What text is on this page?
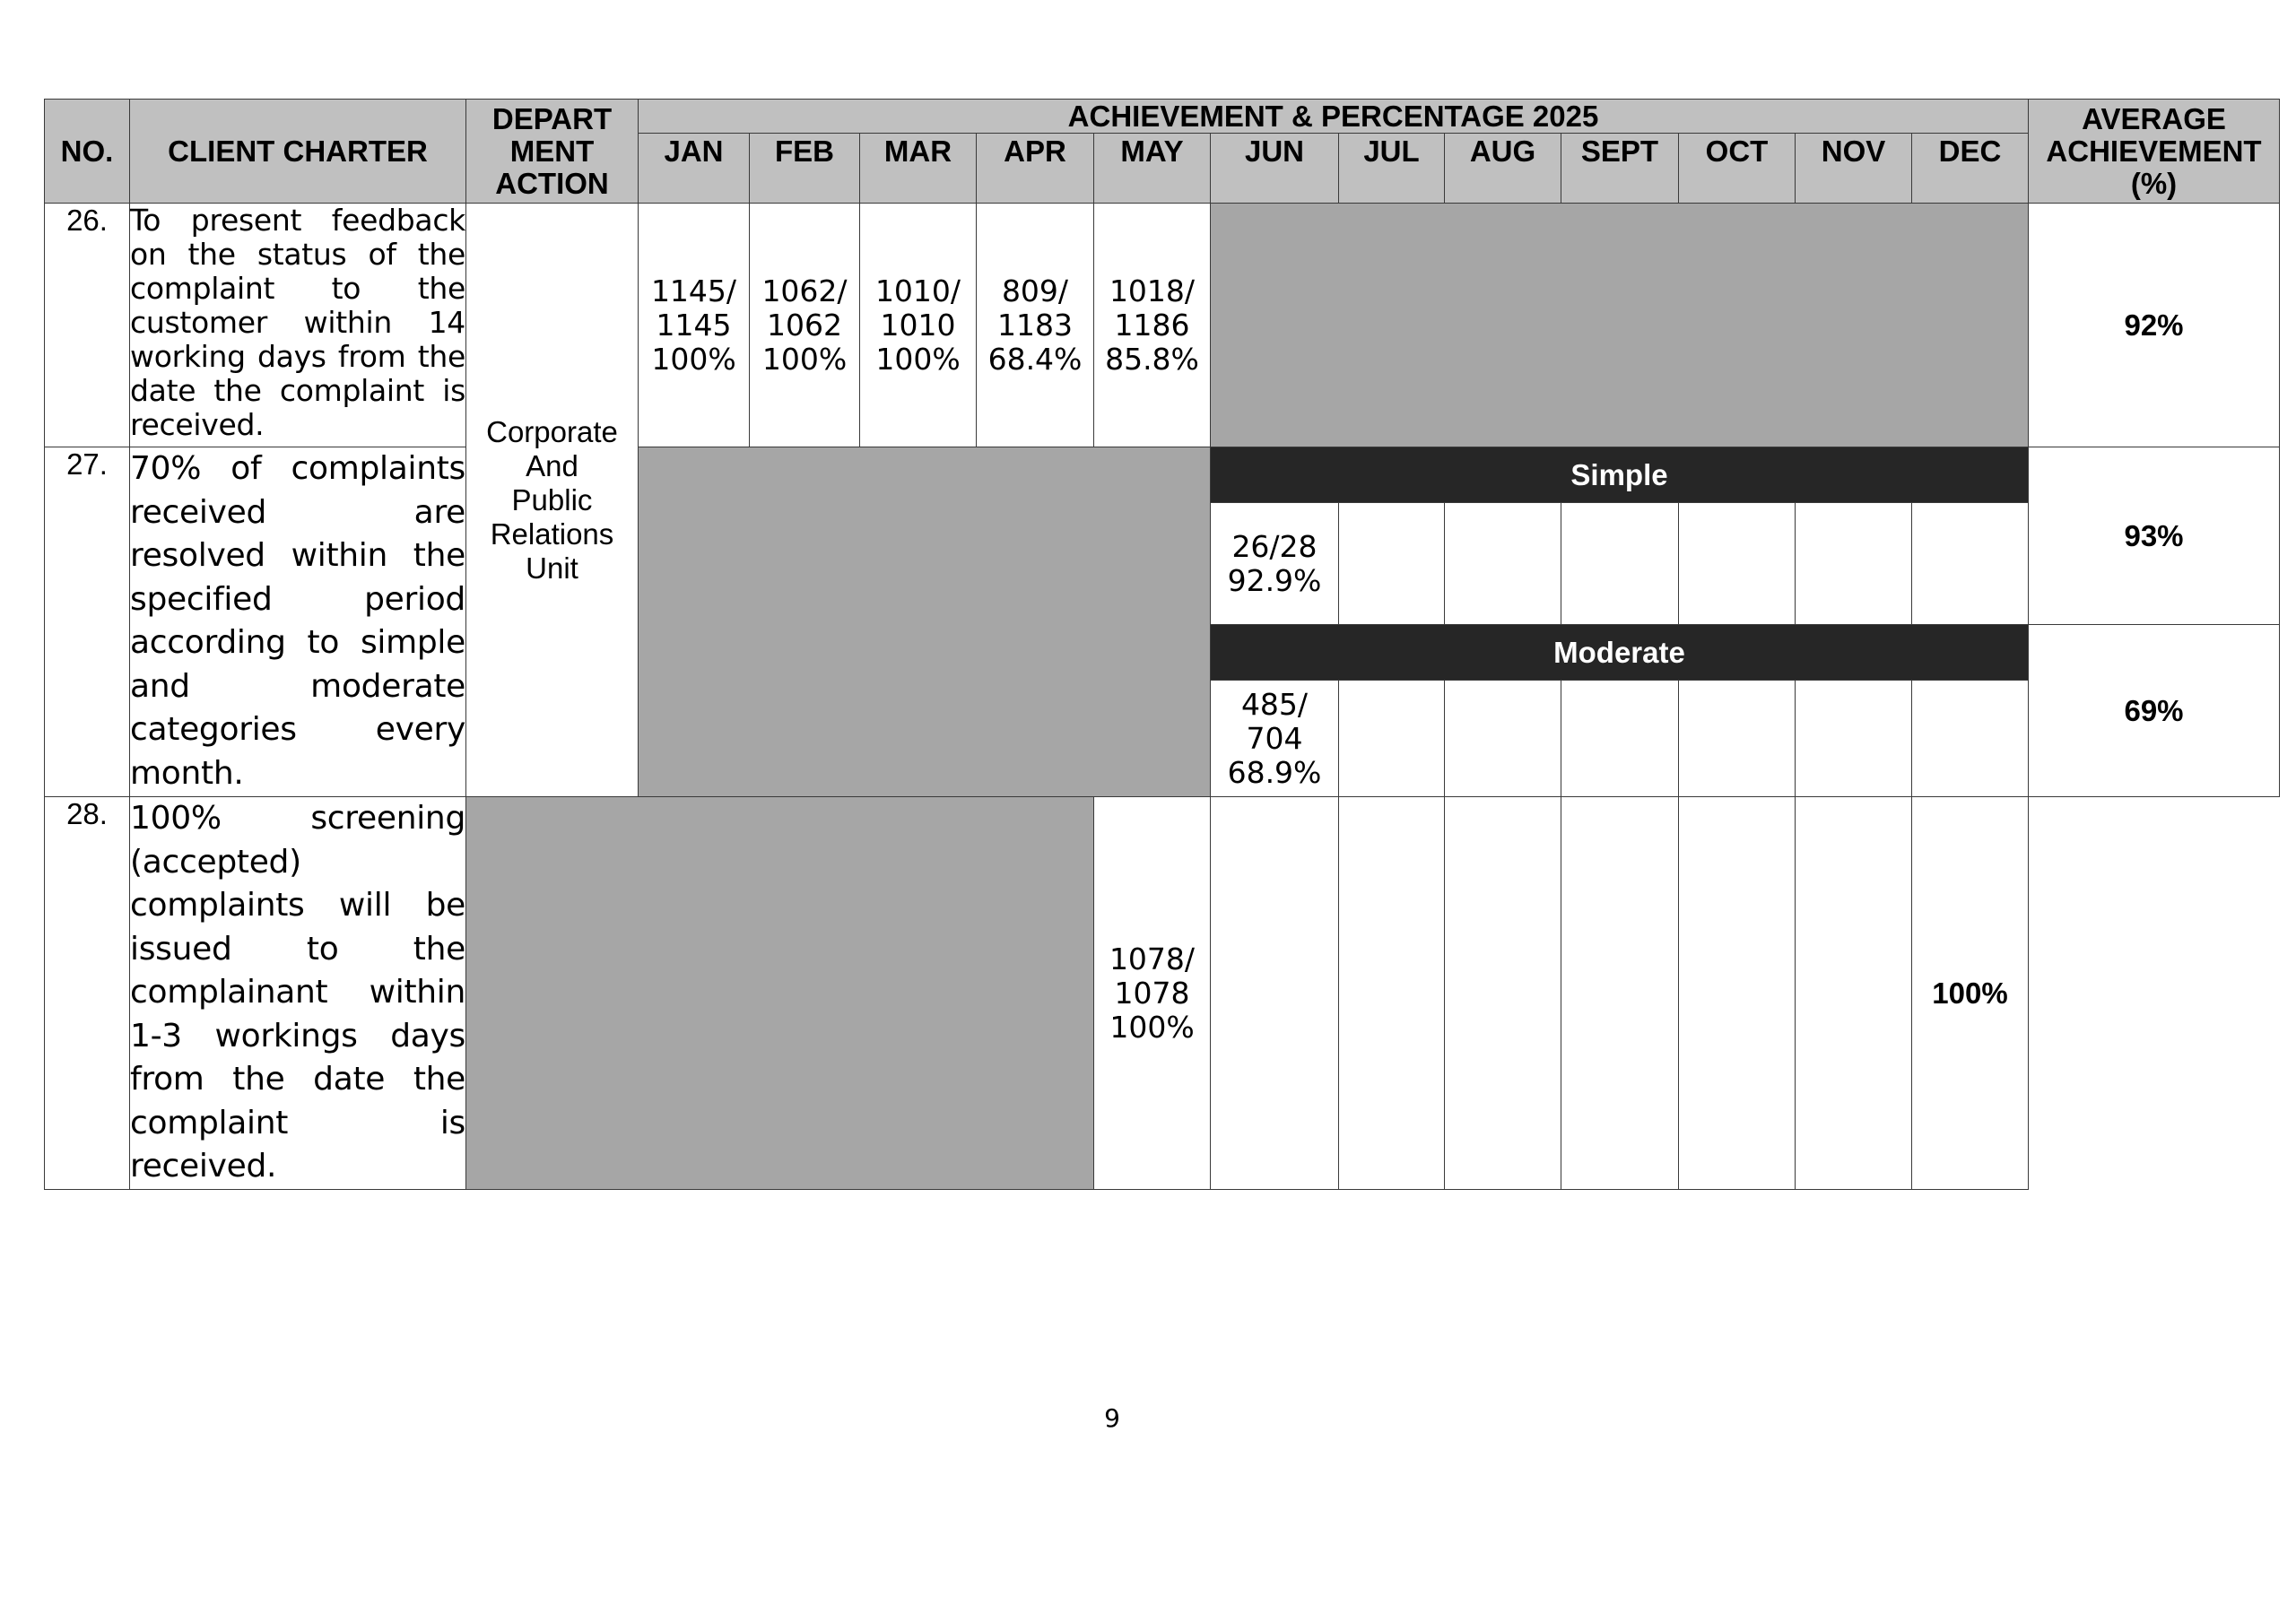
NO.	CLIENT CHARTER	DEPART
MENT
ACTION	ACHIEVEMENT & PERCENTAGE 2025												AVERAGE
ACHIEVEMENT
(%)

			JAN	FEB	MAR	APR	MAY	JUN	JUL	AUG	SEPT	OCT	NOV	DEC	
26.	To present feedback on the status of the complaint to the customer within 14 working days from the date the complaint is received.	Corporate
And
Public
Relations
Unit	1145/
1145
100%	1062/
1062
100%	1010/
1010
100%	809/
1183
68.4%	1018/
1186
85.8%								92%
27.	70% of complaints received are resolved within the specified period according to simple and moderate categories every month.							Simple							93%

								26/28
92.9%							

								Moderate							69%

								485/
704
68.9%							

28.	100% screening (accepted) complaints will be issued to the complainant within 1-3 workings days from the date the complaint is received.						1078/
1078
100%							100%	
9
